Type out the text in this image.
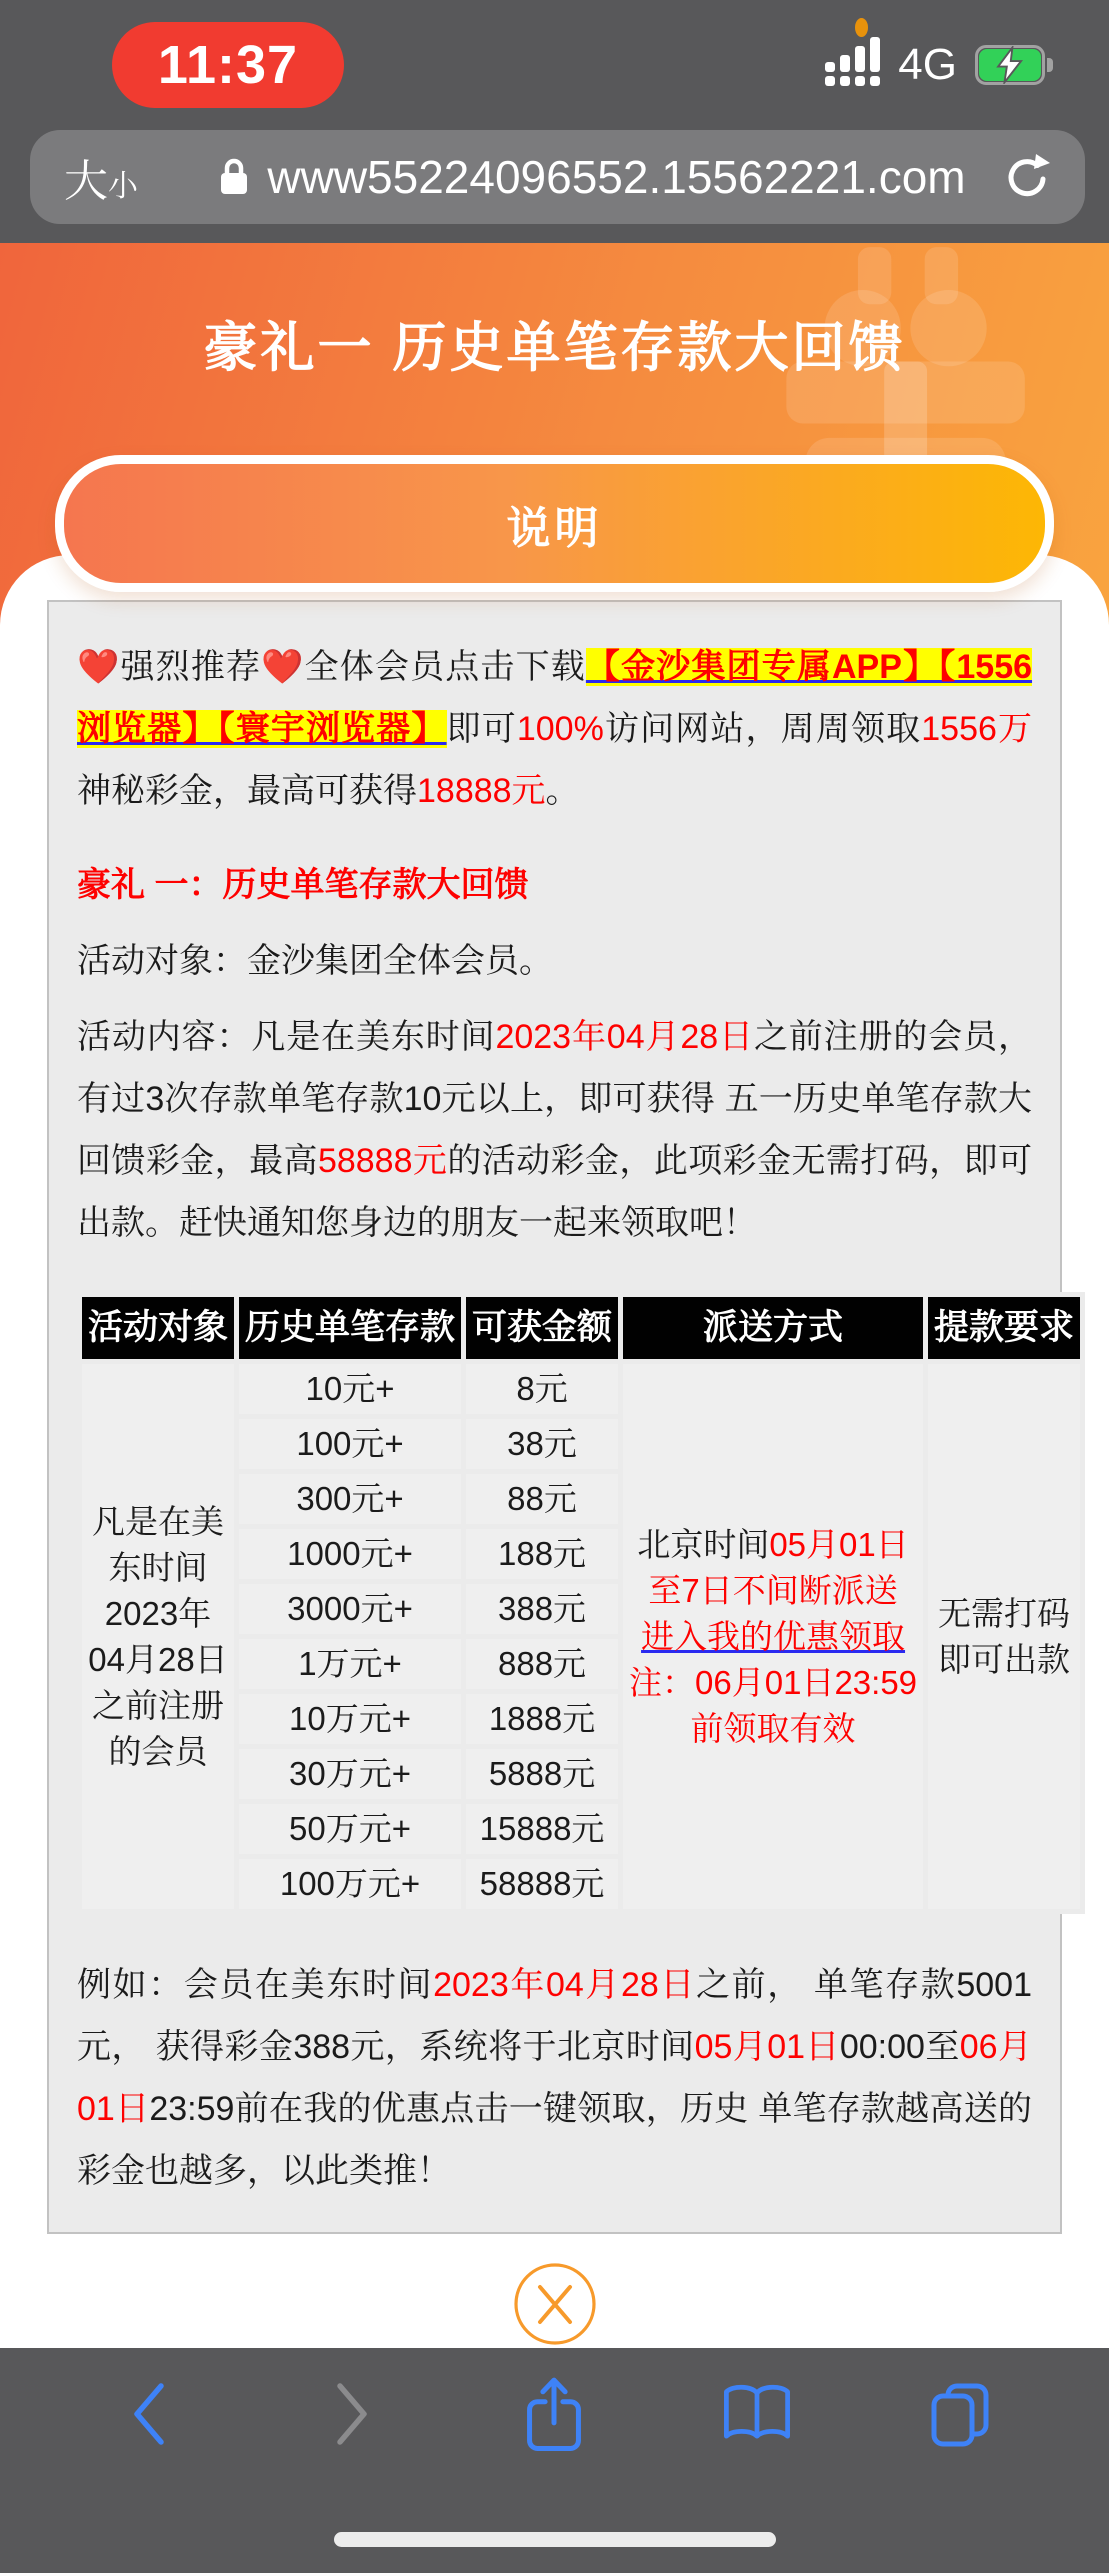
11:37	4G
大 小	www55224096552.15562221.com
豪礼一 历史单笔存款大回馈
说明

❤️强烈推荐❤️全体会员点击下载【金沙集团专属APP】【1556浏览器】【寰宇浏览器】即可100%访问网站，周周领取1556万神秘彩金，最高可获得18888元。

豪礼 一：历史单笔存款大回馈

活动对象：金沙集团全体会员。

活动内容：凡是在美东时间2023年04月28日之前注册的会员，有过3次存款单笔存款10元以上，即可获得 五一历史单笔存款大回馈彩金，最高58888元的活动彩金，此项彩金无需打码，即可出款。赶快通知您身边的朋友一起来领取吧！

活动对象	历史单笔存款	可获金额	派送方式	提款要求
凡是在美东时间2023年04月28日之前注册的会员	10元+	8元	北京时间05月01日
至7日不间断派送
进入我的优惠领取
注：06月01日23:59
前领取有效	无需打码即可出款
	100元+	38元		
	300元+	88元		
	1000元+	188元		
	3000元+	388元		
	1万元+	888元		
	10万元+	1888元		
	30万元+	5888元		
	50万元+	15888元		
	100万元+	58888元		

例如：会员在美东时间2023年04月28日之前， 单笔存款5001元， 获得彩金388元，系统将于北京时间05月01日00:00至06月01日23:59前在我的优惠点击一键领取，历史 单笔存款越高送的彩金也越多，以此类推！
